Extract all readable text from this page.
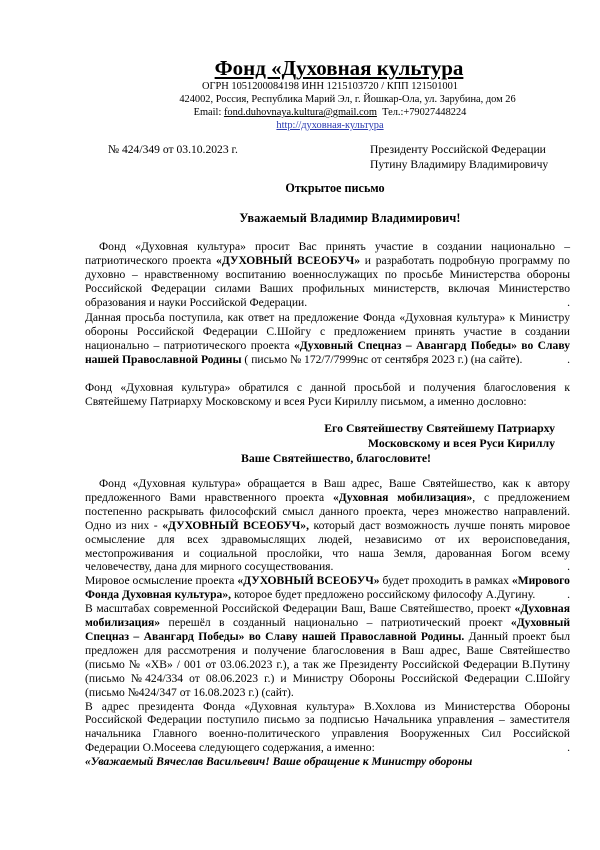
Фонд «Духовная культура
ОГРН 1051200084198 ИНН 1215103720 / КПП 121501001
424002, Россия, Республика Марий Эл, г. Йошкар-Ола, ул. Зарубина, дом 26
Email: fond.duhovnaya.kultura@gmail.com Тел.:+79027448224
http://духовная-культура
№ 424/349 от 03.10.2023 г.	Президенту Российской Федерации
Путину Владимиру Владимировичу
Открытое письмо
Уважаемый Владимир Владимирович!

Фонд «Духовная культура» просит Вас принять участие в создании национально – патриотического проекта «ДУХОВНЫЙ ВСЕОБУЧ» и разработать подробную программу по духовно – нравственному воспитанию военнослужащих по просьбе Министерства обороны Российской Федерации силами Ваших профильных министерств, включая Министерство образования и науки Российской Федерации.	.

Данная просьба поступила, как ответ на предложение Фонда «Духовная культура» к Министру обороны Российской Федерации С.Шойгу с предложением принять участие в создании национально – патриотического проекта «Духовный Спецназ – Авангард Победы» во Славу нашей Православной Родины ( письмо № 172/7/7999нс от сентября 2023 г.) (на сайте).	.

Фонд «Духовная культура» обратился с данной просьбой и получения благословения к Святейшему Патриарху Московскому и всея Руси Кириллу письмом, а именно дословно:

Его Святейшеству Святейшему Патриарху
Московскому и всея Руси Кириллу
Ваше Святейшество, благословите!

Фонд «Духовная культура» обращается в Ваш адрес, Ваше Святейшество, как к автору предложенного Вами нравственного проекта «Духовная мобилизация», с предложением постепенно раскрывать философский смысл данного проекта, через множество направлений. Одно из них - «ДУХОВНЫЙ ВСЕОБУЧ», который даст возможность лучше понять мировое осмысление для всех здравомыслящих людей, независимо от их вероисповедания, местопроживания и социальной прослойки, что наша Земля, дарованная Богом всему человечеству, дана для мирного сосуществования.	.

Мировое осмысление проекта «ДУХОВНЫЙ ВСЕОБУЧ» будет проходить в рамках «Мирового Фонда Духовная культура», которое будет предложено российскому философу А.Дугину.	.

В масштабах современной Российской Федерации Ваш, Ваше Святейшество, проект «Духовная мобилизация» перешёл в созданный национально – патриотический проект «Духовный Спецназ – Авангард Победы» во Славу нашей Православной Родины. Данный проект был предложен для рассмотрения и получение благословения в Ваш адрес, Ваше Святейшество (письмо № «ХВ» / 001 от 03.06.2023 г.), а так же Президенту Российской Федерации В.Путину (письмо №424/334 от 08.06.2023 г.) и Министру Обороны Российской Федерации С.Шойгу (письмо №424/347 от 16.08.2023 г.) (сайт).

В адрес президента Фонда «Духовная культура» В.Хохлова из Министерства Обороны Российской Федерации поступило письмо за подписью Начальника управления – заместителя начальника Главного военно-политического управления Вооруженных Сил Российской Федерации О.Мосеева следующего содержания, а именно:	.

«Уважаемый Вячеслав Васильевич! Ваше обращение к Министру обороны
